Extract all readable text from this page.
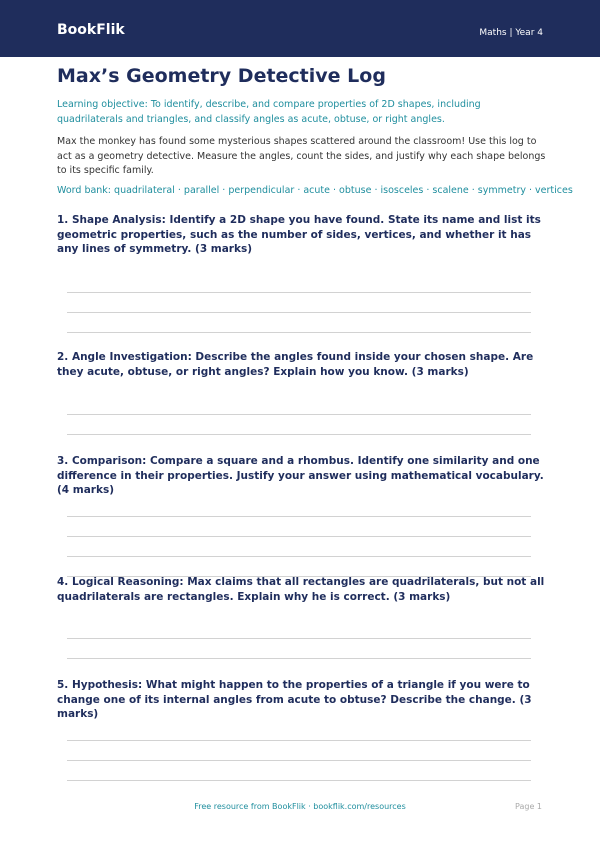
BookFlik	Maths | Year 4
Max’s Geometry Detective Log

Learning objective: To identify, describe, and compare properties of 2D shapes, including quadrilaterals and triangles, and classify angles as acute, obtuse, or right angles.

Max the monkey has found some mysterious shapes scattered around the classroom! Use this log to act as a geometry detective. Measure the angles, count the sides, and justify why each shape belongs to its specific family.

Word bank: quadrilateral · parallel · perpendicular · acute · obtuse · isosceles · scalene · symmetry · vertices

1. Shape Analysis: Identify a 2D shape you have found. State its name and list its geometric properties, such as the number of sides, vertices, and whether it has any lines of symmetry. (3 marks)

2. Angle Investigation: Describe the angles found inside your chosen shape. Are they acute, obtuse, or right angles? Explain how you know. (3 marks)

3. Comparison: Compare a square and a rhombus. Identify one similarity and one difference in their properties. Justify your answer using mathematical vocabulary. (4 marks)

4. Logical Reasoning: Max claims that all rectangles are quadrilaterals, but not all quadrilaterals are rectangles. Explain why he is correct. (3 marks)

5. Hypothesis: What might happen to the properties of a triangle if you were to change one of its internal angles from acute to obtuse? Describe the change. (3 marks)

Free resource from BookFlik · bookflik.com/resources	Page 1
